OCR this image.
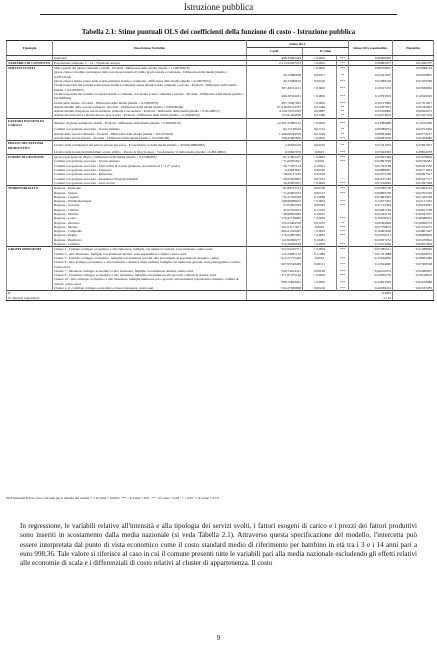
Istruzione pubblica
Tabella 2.1: Stime puntuali OLS dei coefficienti della funzione di costo - Istruzione pubblica
Tipologia	Descrizione Variabile	Stime OLS			Stime OLS standardizz.	Elasticità
		Coeff.	P-value			
	Intercetta	998,35662449	< 0,0001	***	0,00000000	
VARIABILI DI CONTESTO	Popolazione residente 3 – 14 – Funzione inversa	2.215,93297474	< 0,0001	***	0,49685975	0,01940787
SERVIZI SVOLTI	Metri quadri dei plessi comunali e statali - Prodotti - Differenza dalla media (media = 11,08783978)		< 0,0001	***	0,08379625	0,05848124
	Quota classi con tempo prolungato dalla scuola secondaria di primo grado statale e comunale - Differenza dalla media (media = 0,18154124)	26,13680638	0,02471	**	0,03441627	0,00928807
	Quota classi a tempo pieno della scuola primaria statale e comunale - Differenza dalla media (media = 0,34976332)	40,33389616	0,00106	***	0,04389166	0,01359369
	Utenti trasportati nei comuni senza plessi statali e comunali, senza alunni scuole comunali e private - Prodotti - Differenza dalla media (media = 0,01033877)	857,49311101	< 0,0001	***	0,10197255	0,00636662
	Utenti trasportati nei comuni con plessi statali e comunali, con alunni scuole comunali e private - Prodotti - Differenza dalla media (media = 0,01048544)	496,30556431	< 0,0001	***	0,13795819	0,10326022
	Utenti della mensa - Prodotti - Differenza dalla media (media = 0,25820079)	487,79407623	< 0,0001	***	0,30217899	0,27351837
	Alunni disabili delle scuole comunali - Prodotti - Differenza dalla media (media = 0,00058549)	61.018,60154735	0,01448	**	0,04797813	0,00342897
	Alunni disabili trasportati scuola infanzia, primaria e secondaria - Prodotti - Differenza dalla media (media = 0,00148057)	4.128,79474505	0,03887	**	0,03458800	0,00824972
	Alunni dei nidi estivi e alunni del pre-post scuola - Prodotti - Differenza dalla media (media = 0,10662032)	175,91294818	0,01286	**	0,04274812	0,01457104
FATTORI ESOGENI DI CARICO	Numero di plessi comunali e statali - Prodotti - Differenza dalla media (media = 0,00060616)	12.301,25680122	< 0,0001	***	0,24389689	0,14102369
	Comuni con gestione associata - Scuola infanzia	94,17138524	0,01712	**	0,06389074	0,04754364
	Alunni della scuola comunale - Prodotti - Differenza dalla media (media = 0,01475916)	1.296,66294105	0,01226	**	0,08584646	0,00773127
	Alunni della scuola privata - Prodotti - Differenza dalla media (media = 0,01926196)	338,42685838	< 0,0001	***	0,06583936	0,02364985
PREZZI DEI FATTORI PRODUTTIVI	Livello delle retribuzioni del settore privato (in euro) - Econometria % dalla media (media = 30.099,48890082)	2,49636418	0,04165	**	0,07241932	0,47697051
	Livello delle locazioni immobiliari ad uso ufficio - Prezzo al Mq (in euro) - Scostamento % dalla media (media = 6,48310800)	0,59847976	0,0025	***	0,07940095	0,38854978
FORME DI GESTIONE	Quota piedi gestione diretta - Differenza dalla media (media = 0,27469403)	65,17995327	< 0,0001	***	0,06402396	0,01678804
	Comuni con gestione associata - Scuola infanzia	−71,60955815	0,0002	***	−0,02893798	−0,00749581
	Comuni con gestione associata - Altri ordini di scuola (primaria, secondaria di 1° e 2° grado)	−26,77207513	0,10201		−0,01793188	−0,00431530
	Comuni con gestione associata - Trasporto	9,43683847	0,60560		0,00888947	0,00771603
	Comuni con gestione associata - Refezione	−18,82137183	0,25019		−0,02275358	−0,00497327
	Comuni con gestione associata - Assistenza/Trasporti Disabili	−29,95818603	0,07181	*	−0,02125740	−0,00527717
	Comuni con gestione associata - Altri servizi	59,32855937	< 0,0001	***	0,07256049	0,01297298
TERRITORIALITÀ	Regione - Piemonte	−81,88731701	0,00538	***	−0,05589738	−0,05064743
	Regione - Veneto	−71,60965331	0,00127	***	−0,06899758	−0,02702336
	Regione - Liguria	−52,11356328	0,12968		−0,01893482	−0,01426528
	Regione - Emilia-Romagna	168,98488612	< 0,0001	***	0,11677502	0,02131355
	Regione - Toscana	57,05825593	0,00393	***	0,07712429	0,06229947
	Regione - Umbria	47,67550974	0,17352		−0,03287746	−0,04911768
	Regione - Marche	−48,90839965	0,16037		−0,02442139	−0,50947457
	Regione - Lazio	−176,47158963	< 0,0001	***	−0,10078551	−0,48588501
	Regione - Abruzzo	−135,23464318	0,01253	**	−0,06362609	∗0,30826753
	Regione - Molise	−221,01177817	0,0002	***	−0,07378053	−0,01374275
	Regione - Campania	−264,21016497	< 0,0001	***	−0,19465636	−0,04807497
	Regione - Puglia	−176,52697595	< 0,0001	***	−0,09556521	−0,08088629
	Regione - Basilicata	−122,95999277	0,16481		−0,03937232	−0,03470822
	Regione - Calabria	−272,28460199	< 0,0001	***	−0,13014286	−0,09657964
GRUPPI OMOGENEI	Cluster 2 - Limitato sviluppo economico e alto benessere, famiglie con numerosi anziani, zone montane, centro-nord	−253,95100371	< 0,0001	***	−0,07385521	−0,21288940
	Cluster 3 - Alto benessere, famiglie con numerosi anziani, zona appenninica e alpina, centro-nord	−110,34687152	0,11489		−0,07181988	−0,04958975
	Cluster 5 - Limitato sviluppo economico, famiglie con numerosi giovani, alta percentuale di popolazione straniera, centro	−212,57775446	0,0019	***	−0,19356630	−0,38833286
	Cluster 6 - Alto sviluppo economico e alto benessere, attrattive degli studenti, famiglie con numerose giovani, zona pianeggiante costiera, centro-nord	−267,95518469	0,00311	***	−0,13524940	−0,07308328
	Cluster 7 - Moderato sviluppo economico e alto benessere, famiglie con numerosi anziani, centro-nord	−230,74614411	0,00108	***	−0,26210074	−0,63280097
	Cluster 8 - Sostenuto sviluppo economico e alto benessere, famiglie con numerosa alta giovani, comuni di cintura, nord	−271,87275146	< 0,0001	***	−0,23830776	−0,59158612
	Cluster 10 - Alto sviluppo economico e alto benessere, famiglie numerose poco giovani, alta incidenza popolazione straniera, comuni di cintura, centro-nord	−296,70834461	< 0,0001	***	−0,24823306	−0,93416686
	Cluster 1, 4 - Limitato sviluppo economico e basso benessere, centro-sud	−232,27036998	0,00216	***	−0,26186454	−0,91537283
R²		0,3605				
N. dendi in regressione		2.132				
OLS Residual Errors: sono calcolati per il sistema dei residui. * = P-value < 0,0001; *** = P-value < 0,01 ; ** = P-value < 0,05 ; * = 0,05 <= P-value < 0,10
In regressione, le variabili relative all'intensità e alla tipologia dei servizi svolti, i fattori esogeni di carico e i prezzi dei fattori produttivi sono inseriti in scostamento dalla media nazionale (si veda Tabella 2.1). Attraverso questa specificazione del modello, l'intercetta può essere interpretata dal punto di vista economico come il costo standard medio di riferimento per bambino in età tra i 3 e i 14 anni pari a euro 998,36. Tale valore si riferisce al caso in cui il comune presenti tutte le variabili pari alla media nazionale escludendo gli effetti relativi alle economie di scala e i differenziali di costo relativi al cluster di appartenenza. Il costo
9
